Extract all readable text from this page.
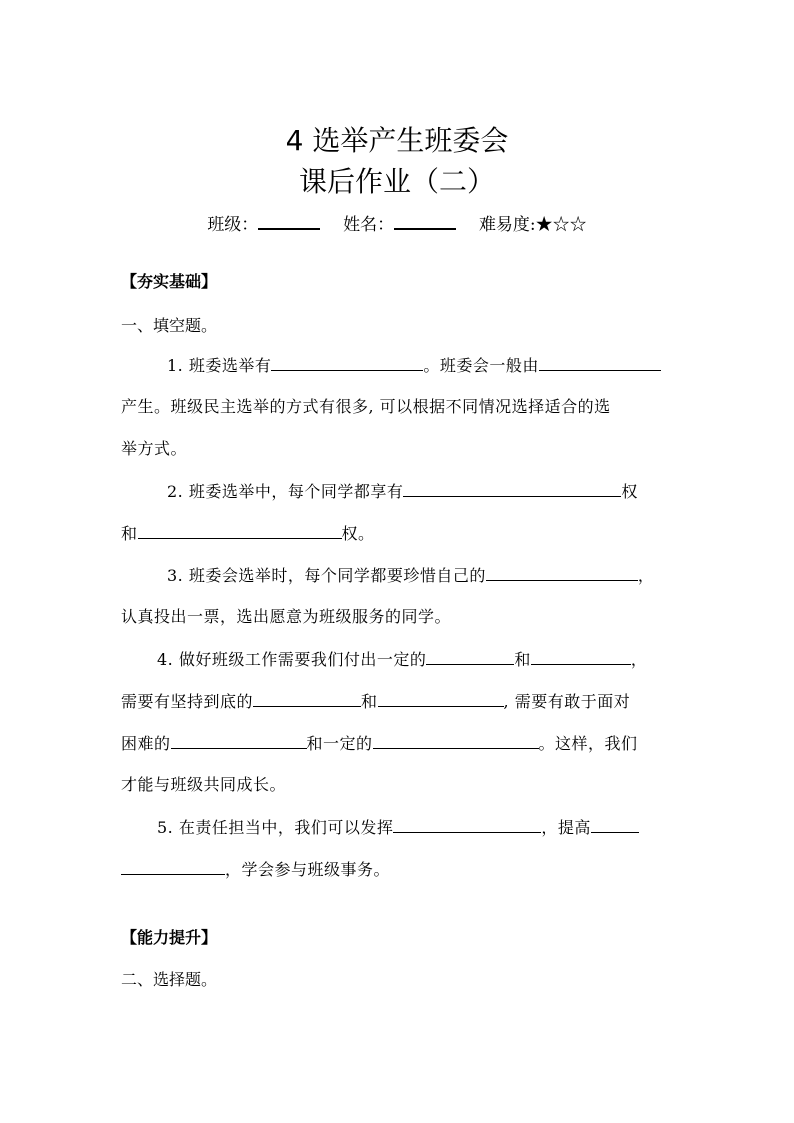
4 选举产生班委会
课后作业（二）
班级：	姓名：	难易度:★☆☆
【夯实基础】
一、填空题。
1. 班委选举有	。班委会一般由
产生。班级民主选举的方式有很多, 可以根据不同情况选择适合的选
举方式。
2. 班委选举中，每个同学都享有	权
和	权。
3. 班委会选举时，每个同学都要珍惜自己的	，
认真投出一票，选出愿意为班级服务的同学。
4. 做好班级工作需要我们付出一定的	和	，
需要有坚持到底的	和	, 需要有敢于面对
困难的	和一定的	。这样，我们
才能与班级共同成长。
5. 在责任担当中，我们可以发挥	，提高
，学会参与班级事务。
【能力提升】
二、选择题。
